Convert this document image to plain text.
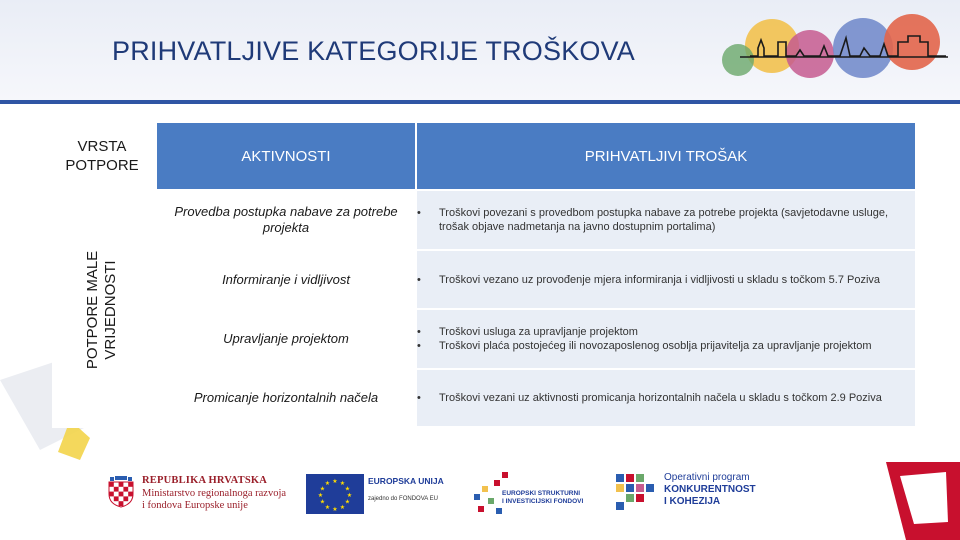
PRIHVATLJIVE KATEGORIJE TROŠKOVA
VRSTA
POTPORE
POTPORE MALE VRIJEDNOSTI
AKTIVNOSTI	PRIHVATLJIVI TROŠAK
Provedba postupka nabave za potrebe projekta	• Troškovi povezani s provedbom postupka nabave za potrebe projekta (savjetodavne usluge, trošak objave nadmetanja na javno dostupnim portalima)

Informiranje i vidljivost	• Troškovi vezano uz provođenje mjera informiranja i vidljivosti u skladu s točkom 5.7 Poziva

Upravljanje projektom	• Troškovi usluga za upravljanje projektom
• Troškovi plaća postojećeg ili novozaposlenog osoblja prijavitelja za upravljanje projektom

Promicanje horizontalnih načela	• Troškovi vezani uz aktivnosti promicanja horizontalnih načela u skladu s točkom 2.9 Poziva
REPUBLIKA HRVATSKA
Ministarstvo regionalnoga razvoja
i fondova Europske unije
★ ★
★
★
★
★
★
★
★
★
★
★	EUROPSKA UNIJA
zajedno do FONDOVA EU
EUROPSKI STRUKTURNI
I INVESTICIJSKI FONDOVI
Operativni program
KONKURENTNOST
I KOHEZIJA
